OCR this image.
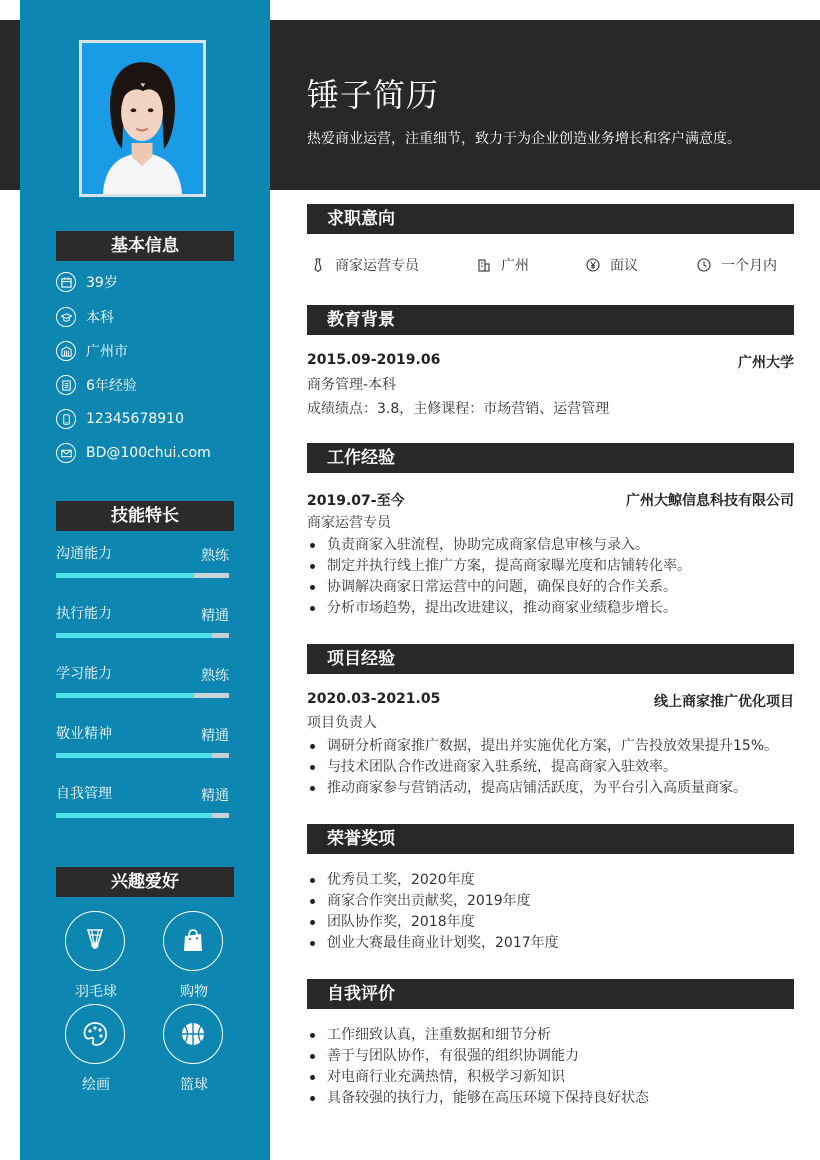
锤子简历
热爱商业运营，注重细节，致力于为企业创造业务增长和客户满意度。
基本信息
39岁
本科
广州市
6年经验
12345678910
BD@100chui.com
技能特长
沟通能力	熟练
执行能力	精通
学习能力	熟练
敬业精神	精通
自我管理	精通
兴趣爱好
羽毛球	购物
绘画	篮球
求职意向
商家运营专员	广州	面议	一个月内
教育背景
2015.09-2019.06	广州大学
商务管理-本科
成绩绩点：3.8，主修课程：市场营销、运营管理
工作经验
2019.07-至今	广州大鲸信息科技有限公司
商家运营专员
负责商家入驻流程，协助完成商家信息审核与录入。
制定并执行线上推广方案，提高商家曝光度和店铺转化率。
协调解决商家日常运营中的问题，确保良好的合作关系。
分析市场趋势，提出改进建议，推动商家业绩稳步增长。
项目经验
2020.03-2021.05	线上商家推广优化项目
项目负责人
调研分析商家推广数据，提出并实施优化方案，广告投放效果提升15%。
与技术团队合作改进商家入驻系统，提高商家入驻效率。
推动商家参与营销活动，提高店铺活跃度，为平台引入高质量商家。
荣誉奖项
优秀员工奖，2020年度
商家合作突出贡献奖，2019年度
团队协作奖，2018年度
创业大赛最佳商业计划奖，2017年度
自我评价
工作细致认真，注重数据和细节分析
善于与团队协作，有很强的组织协调能力
对电商行业充满热情，积极学习新知识
具备较强的执行力，能够在高压环境下保持良好状态
